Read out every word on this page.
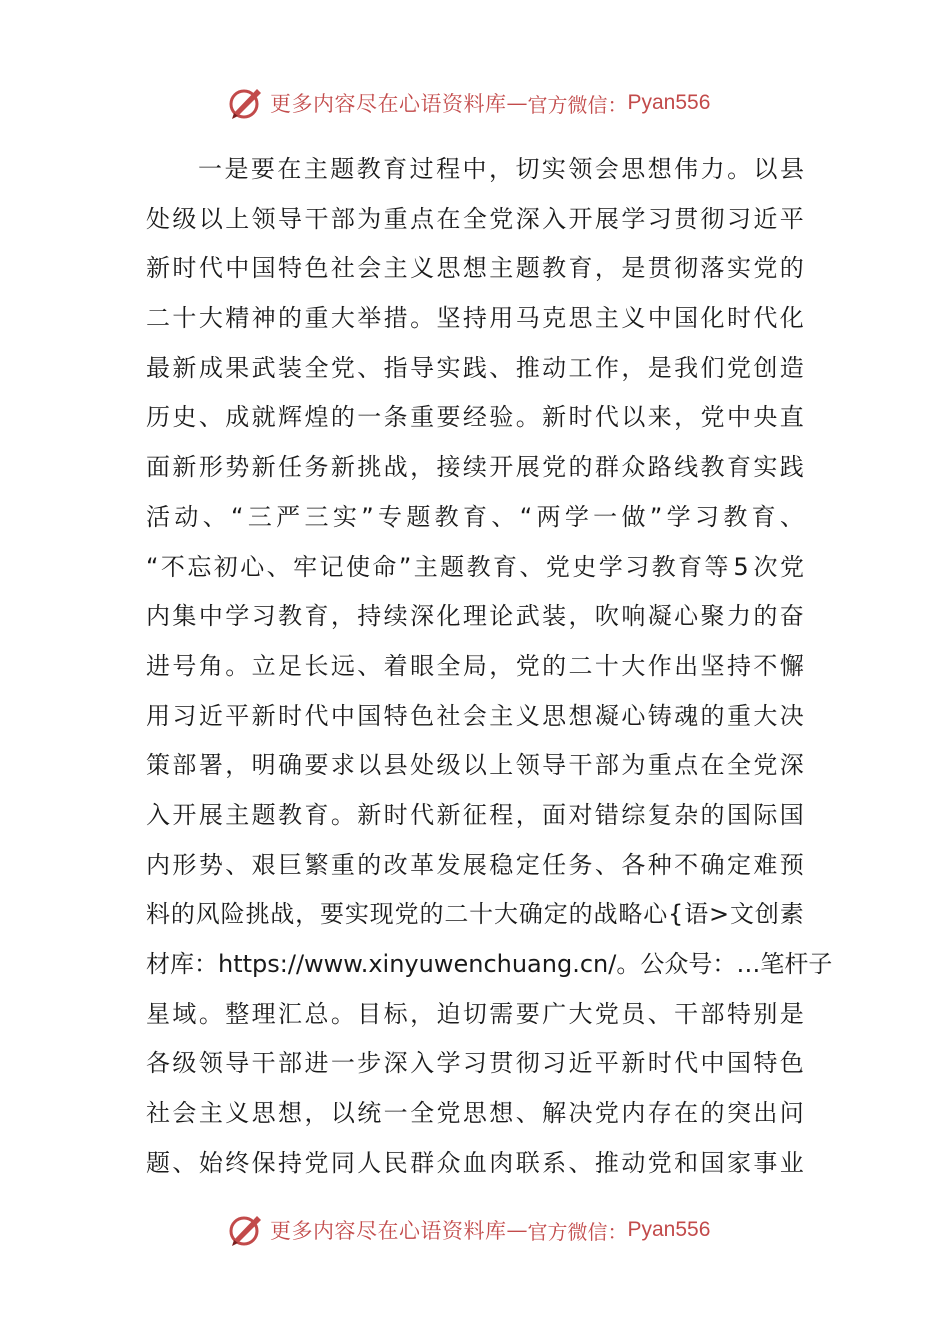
更多内容尽在心语资料库 — 官方微信： Pyan556
一 是 要 在 主 题 教 育 过 程 中 ， 切 实 领 会 思 想 伟 力 。 以 县
处 级 以 上 领 导 干 部 为 重 点 在 全 党 深 入 开 展 学 习 贯 彻 习 近 平
新 时 代 中 国 特 色 社 会 主 义 思 想 主 题 教 育 ， 是 贯 彻 落 实 党 的
二 十 大 精 神 的 重 大 举 措 。 坚 持 用 马 克 思 主 义 中 国 化 时 代 化
最 新 成 果 武 装 全 党 、 指 导 实 践 、 推 动 工 作 ， 是 我 们 党 创 造
历 史 、 成 就 辉 煌 的 一 条 重 要 经 验 。 新 时 代 以 来 ， 党 中 央 直
面 新 形 势 新 任 务 新 挑 战 ， 接 续 开 展 党 的 群 众 路 线 教 育 实 践
活 动 、 “ 三 严 三 实 ” 专 题 教 育 、 “ 两 学 一 做 ” 学 习 教 育 、
“ 不 忘 初 心 、 牢 记 使 命 ” 主 题 教 育 、 党 史 学 习 教 育 等 5 次 党
内 集 中 学 习 教 育 ， 持 续 深 化 理 论 武 装 ， 吹 响 凝 心 聚 力 的 奋
进 号 角 。 立 足 长 远 、 着 眼 全 局 ， 党 的 二 十 大 作 出 坚 持 不 懈
用 习 近 平 新 时 代 中 国 特 色 社 会 主 义 思 想 凝 心 铸 魂 的 重 大 决
策 部 署 ， 明 确 要 求 以 县 处 级 以 上 领 导 干 部 为 重 点 在 全 党 深
入 开 展 主 题 教 育 。 新 时 代 新 征 程 ， 面 对 错 综 复 杂 的 国 际 国
内 形 势 、 艰 巨 繁 重 的 改 革 发 展 稳 定 任 务 、 各 种 不 确 定 难 预
料 的 风 险 挑 战 ， 要 实 现 党 的 二 十 大 确 定 的 战 略 心 { 语 > 文 创 素
材 库 ： https://www.xinyuwenchuang.cn/ 。 公 众 号 ： … 笔 杆 子
星 域 。 整 理 汇 总 。 目 标 ， 迫 切 需 要 广 大 党 员 、 干 部 特 别 是
各 级 领 导 干 部 进 一 步 深 入 学 习 贯 彻 习 近 平 新 时 代 中 国 特 色
社 会 主 义 思 想 ， 以 统 一 全 党 思 想 、 解 决 党 内 存 在 的 突 出 问
题 、 始 终 保 持 党 同 人 民 群 众 血 肉 联 系 、 推 动 党 和 国 家 事 业
更多内容尽在心语资料库 — 官方微信： Pyan556
